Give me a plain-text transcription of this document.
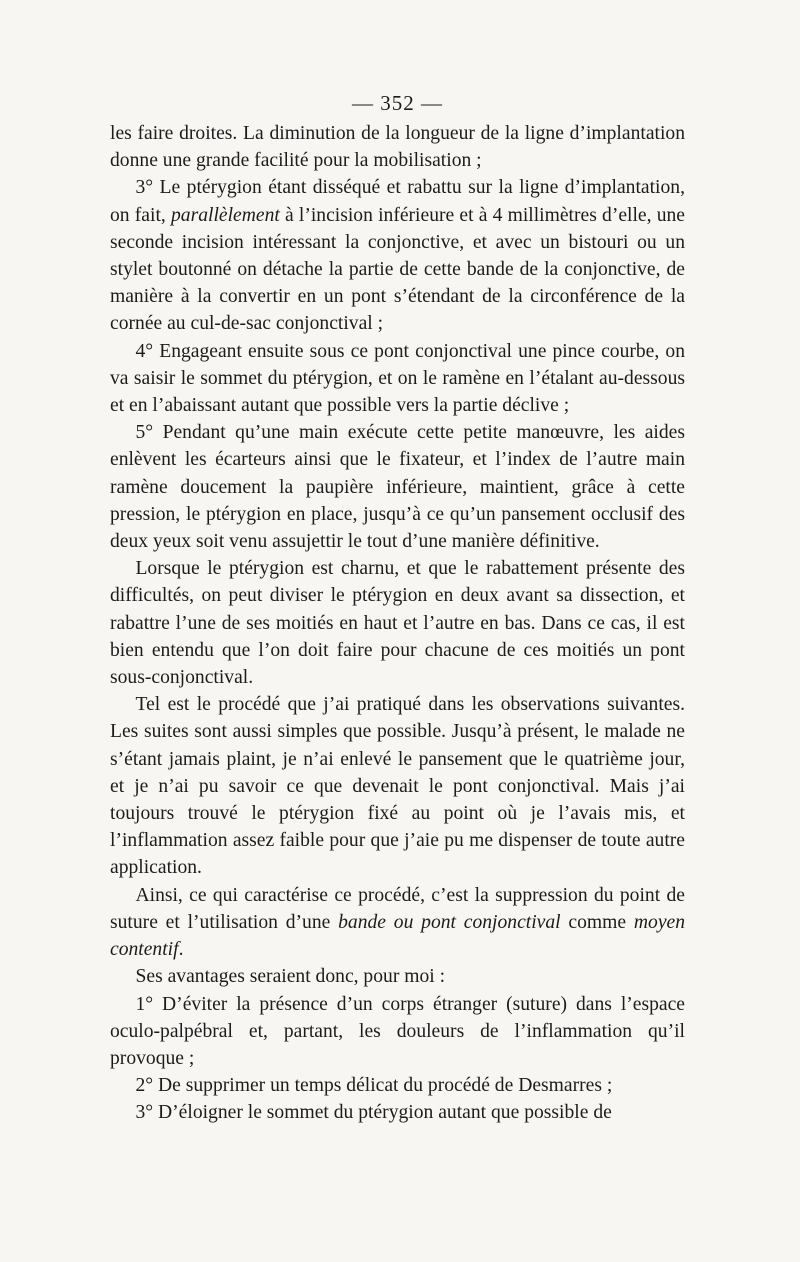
— 352 —

les faire droites. La diminution de la longueur de la ligne d’implantation donne une grande facilité pour la mobilisation ;

3° Le ptérygion étant disséqué et rabattu sur la ligne d’implantation, on fait, parallèlement à l’incision inférieure et à 4 millimètres d’elle, une seconde incision intéressant la conjonctive, et avec un bistouri ou un stylet boutonné on détache la partie de cette bande de la conjonctive, de manière à la convertir en un pont s’étendant de la circonférence de la cornée au cul-de-sac conjonctival ;

4° Engageant ensuite sous ce pont conjonctival une pince courbe, on va saisir le sommet du ptérygion, et on le ramène en l’étalant au-dessous et en l’abaissant autant que possible vers la partie déclive ;

5° Pendant qu’une main exécute cette petite manœuvre, les aides enlèvent les écarteurs ainsi que le fixateur, et l’index de l’autre main ramène doucement la paupière inférieure, maintient, grâce à cette pression, le ptérygion en place, jusqu’à ce qu’un pansement occlusif des deux yeux soit venu assujettir le tout d’une manière définitive.

Lorsque le ptérygion est charnu, et que le rabattement présente des difficultés, on peut diviser le ptérygion en deux avant sa dissection, et rabattre l’une de ses moitiés en haut et l’autre en bas. Dans ce cas, il est bien entendu que l’on doit faire pour chacune de ces moitiés un pont sous-conjonctival.

Tel est le procédé que j’ai pratiqué dans les observations suivantes. Les suites sont aussi simples que possible. Jusqu’à présent, le malade ne s’étant jamais plaint, je n’ai enlevé le pansement que le quatrième jour, et je n’ai pu savoir ce que devenait le pont conjonctival. Mais j’ai toujours trouvé le ptérygion fixé au point où je l’avais mis, et l’inflammation assez faible pour que j’aie pu me dispenser de toute autre application.

Ainsi, ce qui caractérise ce procédé, c’est la suppression du point de suture et l’utilisation d’une bande ou pont conjonctival comme moyen contentif.

Ses avantages seraient donc, pour moi :

1° D’éviter la présence d’un corps étranger (suture) dans l’espace oculo-palpébral et, partant, les douleurs de l’inflammation qu’il provoque ;

2° De supprimer un temps délicat du procédé de Desmarres ;

3° D’éloigner le sommet du ptérygion autant que possible de
